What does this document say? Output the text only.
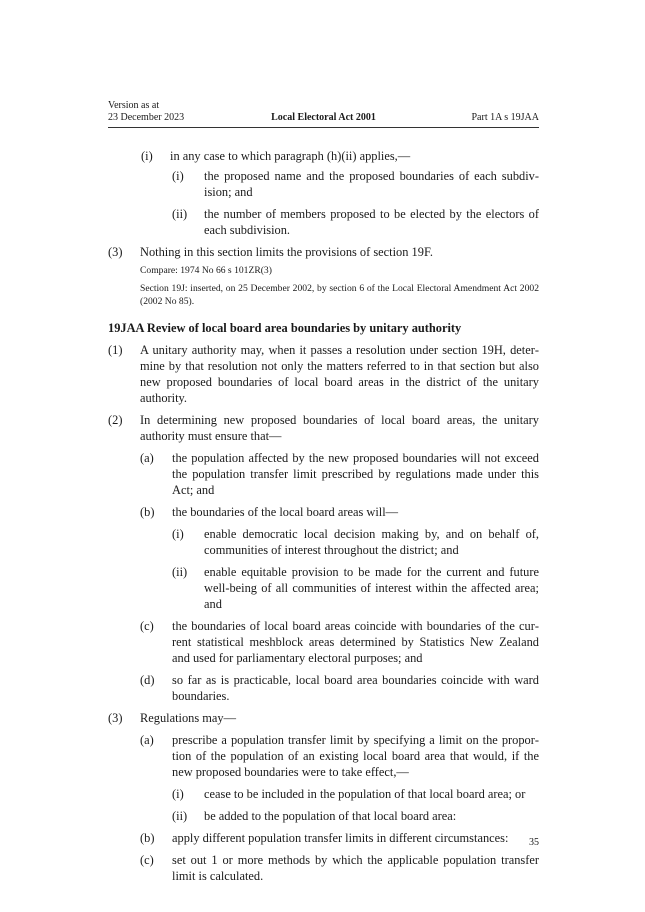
Version as at
23 December 2023	Local Electoral Act 2001	Part 1A s 19JAA
(i) in any case to which paragraph (h)(ii) applies,—
(i) the proposed name and the proposed boundaries of each subdivision; and
(ii) the number of members proposed to be elected by the electors of each subdivision.
(3) Nothing in this section limits the provisions of section 19F.
Compare: 1974 No 66 s 101ZR(3)
Section 19J: inserted, on 25 December 2002, by section 6 of the Local Electoral Amendment Act 2002 (2002 No 85).
19JAA Review of local board area boundaries by unitary authority
(1) A unitary authority may, when it passes a resolution under section 19H, determine by that resolution not only the matters referred to in that section but also new proposed boundaries of local board areas in the district of the unitary authority.
(2) In determining new proposed boundaries of local board areas, the unitary authority must ensure that—
(a) the population affected by the new proposed boundaries will not exceed the population transfer limit prescribed by regulations made under this Act; and
(b) the boundaries of the local board areas will—
(i) enable democratic local decision making by, and on behalf of, communities of interest throughout the district; and
(ii) enable equitable provision to be made for the current and future well-being of all communities of interest within the affected area; and
(c) the boundaries of local board areas coincide with boundaries of the current statistical meshblock areas determined by Statistics New Zealand and used for parliamentary electoral purposes; and
(d) so far as is practicable, local board area boundaries coincide with ward boundaries.
(3) Regulations may—
(a) prescribe a population transfer limit by specifying a limit on the proportion of the population of an existing local board area that would, if the new proposed boundaries were to take effect,—
(i) cease to be included in the population of that local board area; or
(ii) be added to the population of that local board area:
(b) apply different population transfer limits in different circumstances:
(c) set out 1 or more methods by which the applicable population transfer limit is calculated.
35
